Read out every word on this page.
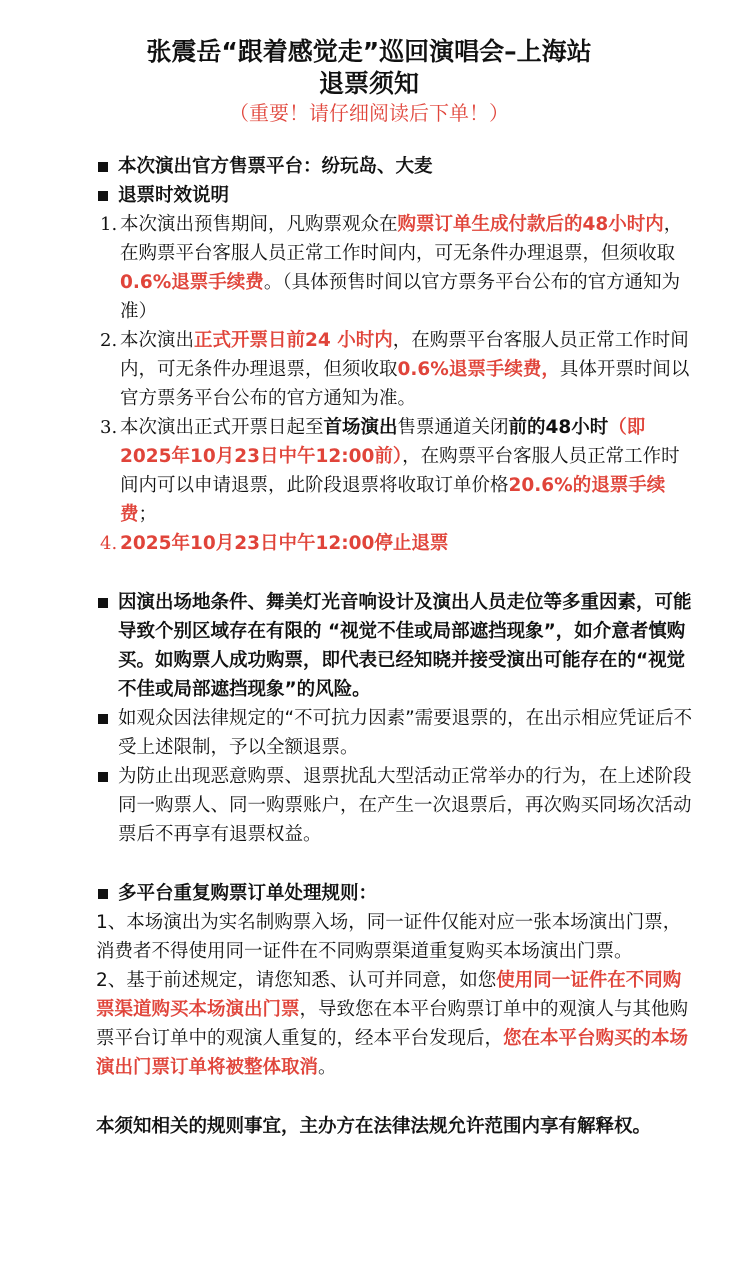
张震岳“跟着感觉走”巡回演唱会–上海站
退票须知
（重要！请仔细阅读后下单！）
本次演出官方售票平台：纷玩岛、大麦
退票时效说明
1. 本次演出预售期间，凡购票观众在购票订单生成付款后的48小时内，在购票平台客服人员正常工作时间内，可无条件办理退票，但须收取0.6%退票手续费。（具体预售时间以官方票务平台公布的官方通知为准）
2. 本次演出正式开票日前24 小时内，在购票平台客服人员正常工作时间内，可无条件办理退票，但须收取0.6%退票手续费，具体开票时间以官方票务平台公布的官方通知为准。
3. 本次演出正式开票日起至首场演出售票通道关闭前的48小时（即2025年10月23日中午12:00前），在购票平台客服人员正常工作时间内可以申请退票，此阶段退票将收取订单价格20.6%的退票手续费；
4. 2025年10月23日中午12:00停止退票
因演出场地条件、舞美灯光音响设计及演出人员走位等多重因素，可能导致个别区域存在有限的 “视觉不佳或局部遮挡现象”，如介意者慎购买。如购票人成功购票，即代表已经知晓并接受演出可能存在的“视觉不佳或局部遮挡现象”的风险。
如观众因法律规定的“不可抗力因素”需要退票的，在出示相应凭证后不受上述限制，予以全额退票。
为防止出现恶意购票、退票扰乱大型活动正常举办的行为，在上述阶段同一购票人、同一购票账户，在产生一次退票后，再次购买同场次活动票后不再享有退票权益。
多平台重复购票订单处理规则：
1、本场演出为实名制购票入场，同一证件仅能对应一张本场演出门票，消费者不得使用同一证件在不同购票渠道重复购买本场演出门票。
2、基于前述规定，请您知悉、认可并同意，如您使用同一证件在不同购票渠道购买本场演出门票，导致您在本平台购票订单中的观演人与其他购票平台订单中的观演人重复的，经本平台发现后，您在本平台购买的本场演出门票订单将被整体取消。
本须知相关的规则事宜，主办方在法律法规允许范围内享有解释权。
